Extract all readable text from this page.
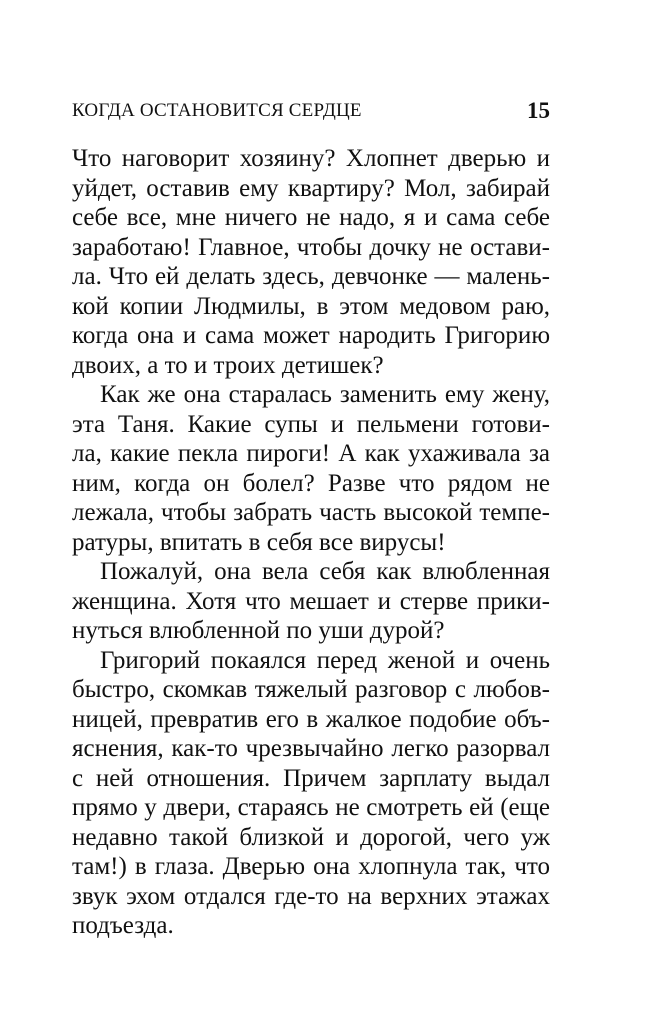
КОГДА ОСТАНОВИТСЯ СЕРДЦЕ	15
Что наговорит хозяину? Хлопнет дверью и
уйдет, оставив ему квартиру? Мол, забирай
себе все, мне ничего не надо, я и сама себе
заработаю! Главное, чтобы дочку не остави-
ла. Что ей делать здесь, девчонке — малень-
кой копии Людмилы, в этом медовом раю,
когда она и сама может народить Григорию
двоих, а то и троих детишек?
Как же она старалась заменить ему жену,
эта Таня. Какие супы и пельмени готови-
ла, какие пекла пироги! А как ухаживала за
ним, когда он болел? Разве что рядом не
лежала, чтобы забрать часть высокой темпе-
ратуры, впитать в себя все вирусы!
Пожалуй, она вела себя как влюбленная
женщина. Хотя что мешает и стерве прики-
нуться влюбленной по уши дурой?
Григорий покаялся перед женой и очень
быстро, скомкав тяжелый разговор с любов-
ницей, превратив его в жалкое подобие объ-
яснения, как-то чрезвычайно легко разорвал
с ней отношения. Причем зарплату выдал
прямо у двери, стараясь не смотреть ей (еще
недавно такой близкой и дорогой, чего уж
там!) в глаза. Дверью она хлопнула так, что
звук эхом отдался где-то на верхних этажах
подъезда.
